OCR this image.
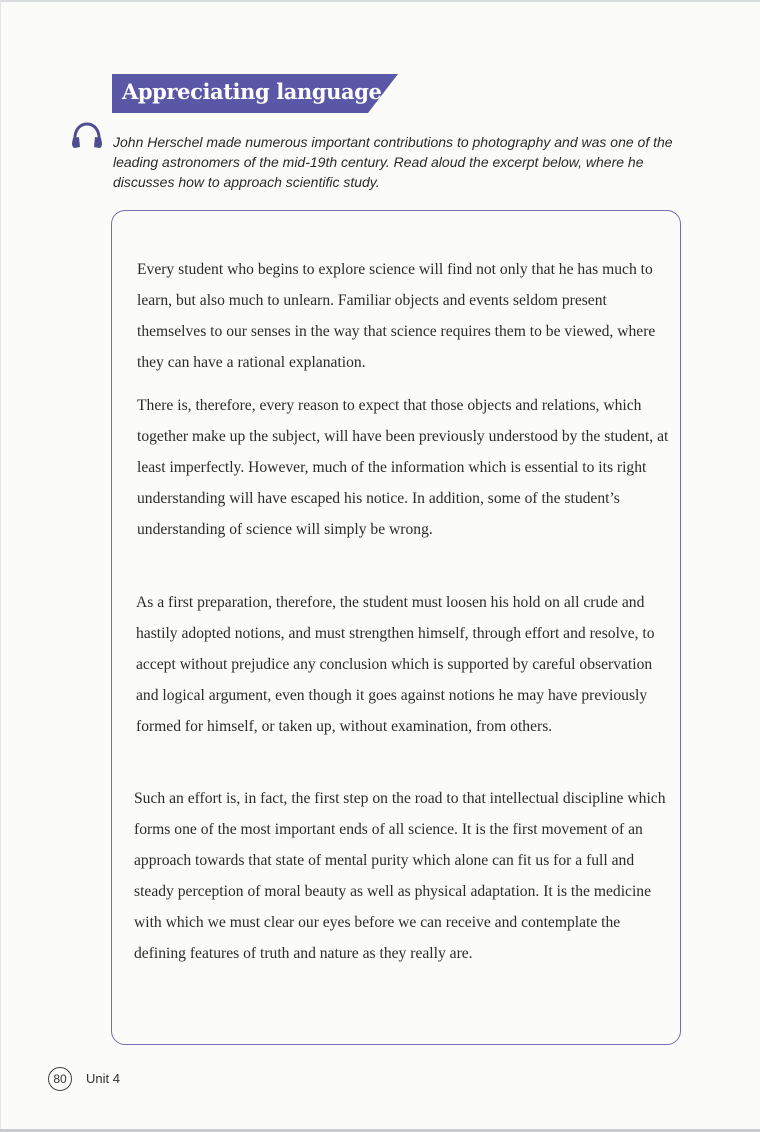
Appreciating language

John Herschel made numerous important contributions to photography and was one of the leading astronomers of the mid-19th century. Read aloud the excerpt below, where he discusses how to approach scientific study.

Every student who begins to explore science will find not only that he has much to learn, but also much to unlearn. Familiar objects and events seldom present themselves to our senses in the way that science requires them to be viewed, where they can have a rational explanation.

There is, therefore, every reason to expect that those objects and relations, which together make up the subject, will have been previously understood by the student, at least imperfectly. However, much of the information which is essential to its right understanding will have escaped his notice. In addition, some of the student’s understanding of science will simply be wrong.

As a first preparation, therefore, the student must loosen his hold on all crude and hastily adopted notions, and must strengthen himself, through effort and resolve, to accept without prejudice any conclusion which is supported by careful observation and logical argument, even though it goes against notions he may have previously formed for himself, or taken up, without examination, from others.

Such an effort is, in fact, the first step on the road to that intellectual discipline which forms one of the most important ends of all science. It is the first movement of an approach towards that state of mental purity which alone can fit us for a full and steady perception of moral beauty as well as physical adaptation. It is the medicine with which we must clear our eyes before we can receive and contemplate the defining features of truth and nature as they really are.

80	Unit 4
